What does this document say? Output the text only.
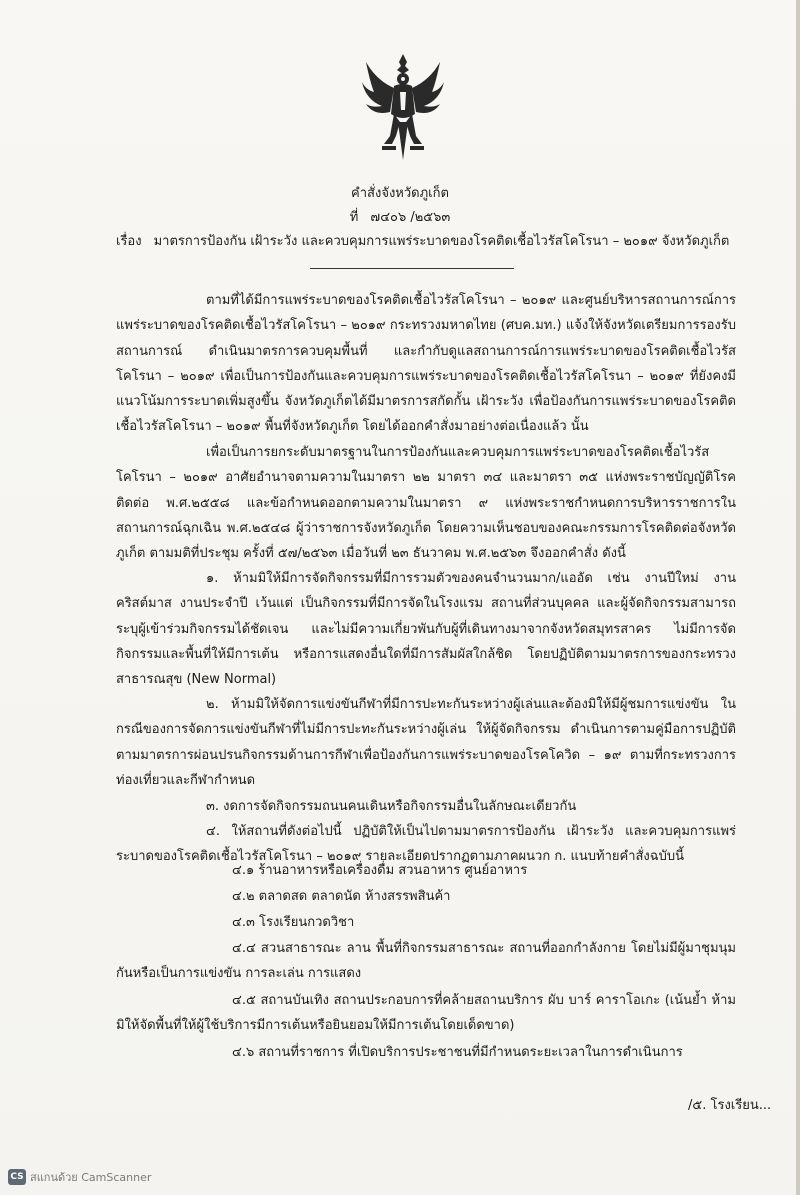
คำสั่งจังหวัดภูเก็ต
ที่ ๗๔๐๖ /๒๕๖๓
เรื่อง มาตรการป้องกัน เฝ้าระวัง และควบคุมการแพร่ระบาดของโรคติดเชื้อไวรัสโคโรนา – ๒๐๑๙ จังหวัดภูเก็ต

ตามที่ได้มีการแพร่ระบาดของโรคติดเชื้อไวรัสโคโรนา – ๒๐๑๙ และศูนย์บริหารสถานการณ์การแพร่ระบาดของโรคติดเชื้อไวรัสโคโรนา – ๒๐๑๙ กระทรวงมหาดไทย (ศบค.มท.) แจ้งให้จังหวัดเตรียมการรองรับสถานการณ์ ดำเนินมาตรการควบคุมพื้นที่ และกำกับดูแลสถานการณ์การแพร่ระบาดของโรคติดเชื้อไวรัสโคโรนา – ๒๐๑๙ เพื่อเป็นการป้องกันและควบคุมการแพร่ระบาดของโรคติดเชื้อไวรัสโคโรนา – ๒๐๑๙ ที่ยังคงมีแนวโน้มการระบาดเพิ่มสูงขึ้น จังหวัดภูเก็ตได้มีมาตรการสกัดกั้น เฝ้าระวัง เพื่อป้องกันการแพร่ระบาดของโรคติดเชื้อไวรัสโคโรนา – ๒๐๑๙ พื้นที่จังหวัดภูเก็ต โดยได้ออกคำสั่งมาอย่างต่อเนื่องแล้ว นั้น

เพื่อเป็นการยกระดับมาตรฐานในการป้องกันและควบคุมการแพร่ระบาดของโรคติดเชื้อไวรัสโคโรนา – ๒๐๑๙ อาศัยอำนาจตามความในมาตรา ๒๒ มาตรา ๓๔ และมาตรา ๓๕ แห่งพระราชบัญญัติโรคติดต่อ พ.ศ.๒๕๕๘ และข้อกำหนดออกตามความในมาตรา ๙ แห่งพระราชกำหนดการบริหารราชการในสถานการณ์ฉุกเฉิน พ.ศ.๒๕๔๘ ผู้ว่าราชการจังหวัดภูเก็ต โดยความเห็นชอบของคณะกรรมการโรคติดต่อจังหวัดภูเก็ต ตามมติที่ประชุม ครั้งที่ ๕๗/๒๕๖๓ เมื่อวันที่ ๒๓ ธันวาคม พ.ศ.๒๕๖๓ จึงออกคำสั่ง ดังนี้

๑. ห้ามมิให้มีการจัดกิจกรรมที่มีการรวมตัวของคนจำนวนมาก/แออัด เช่น งานปีใหม่ งานคริสต์มาส งานประจำปี เว้นแต่ เป็นกิจกรรมที่มีการจัดในโรงแรม สถานที่ส่วนบุคคล และผู้จัดกิจกรรมสามารถระบุผู้เข้าร่วมกิจกรรมได้ชัดเจน และไม่มีความเกี่ยวพันกับผู้ที่เดินทางมาจากจังหวัดสมุทรสาคร ไม่มีการจัดกิจกรรมและพื้นที่ให้มีการเต้น หรือการแสดงอื่นใดที่มีการสัมผัสใกล้ชิด โดยปฏิบัติตามมาตรการของกระทรวงสาธารณสุข (New Normal)

๒. ห้ามมิให้จัดการแข่งขันกีฬาที่มีการปะทะกันระหว่างผู้เล่นและต้องมิให้มีผู้ชมการแข่งขัน ในกรณีของการจัดการแข่งขันกีฬาที่ไม่มีการปะทะกันระหว่างผู้เล่น ให้ผู้จัดกิจกรรม ดำเนินการตามคู่มือการปฏิบัติตามมาตรการผ่อนปรนกิจกรรมด้านการกีฬาเพื่อป้องกันการแพร่ระบาดของโรคโควิด – ๑๙ ตามที่กระทรวงการท่องเที่ยวและกีฬากำหนด

๓. งดการจัดกิจกรรมถนนคนเดินหรือกิจกรรมอื่นในลักษณะเดียวกัน

๔. ให้สถานที่ดังต่อไปนี้ ปฏิบัติให้เป็นไปตามมาตรการป้องกัน เฝ้าระวัง และควบคุมการแพร่ระบาดของโรคติดเชื้อไวรัสโคโรนา – ๒๐๑๙ รายละเอียดปรากฏตามภาคผนวก ก. แนบท้ายคำสั่งฉบับนี้

๔.๑ ร้านอาหารหรือเครื่องดื่ม สวนอาหาร ศูนย์อาหาร

๔.๒ ตลาดสด ตลาดนัด ห้างสรรพสินค้า

๔.๓ โรงเรียนกวดวิชา

๔.๔ สวนสาธารณะ ลาน พื้นที่กิจกรรมสาธารณะ สถานที่ออกกำลังกาย โดยไม่มีผู้มาชุมนุมกันหรือเป็นการแข่งขัน การละเล่น การแสดง

๔.๕ สถานบันเทิง สถานประกอบการที่คล้ายสถานบริการ ผับ บาร์ คาราโอเกะ (เน้นย้ำ ห้ามมิให้จัดพื้นที่ให้ผู้ใช้บริการมีการเต้นหรือยินยอมให้มีการเต้นโดยเด็ดขาด)

๔.๖ สถานที่ราชการ ที่เปิดบริการประชาชนที่มีกำหนดระยะเวลาในการดำเนินการ

/๕. โรงเรียน...
CS สแกนด้วย CamScanner
